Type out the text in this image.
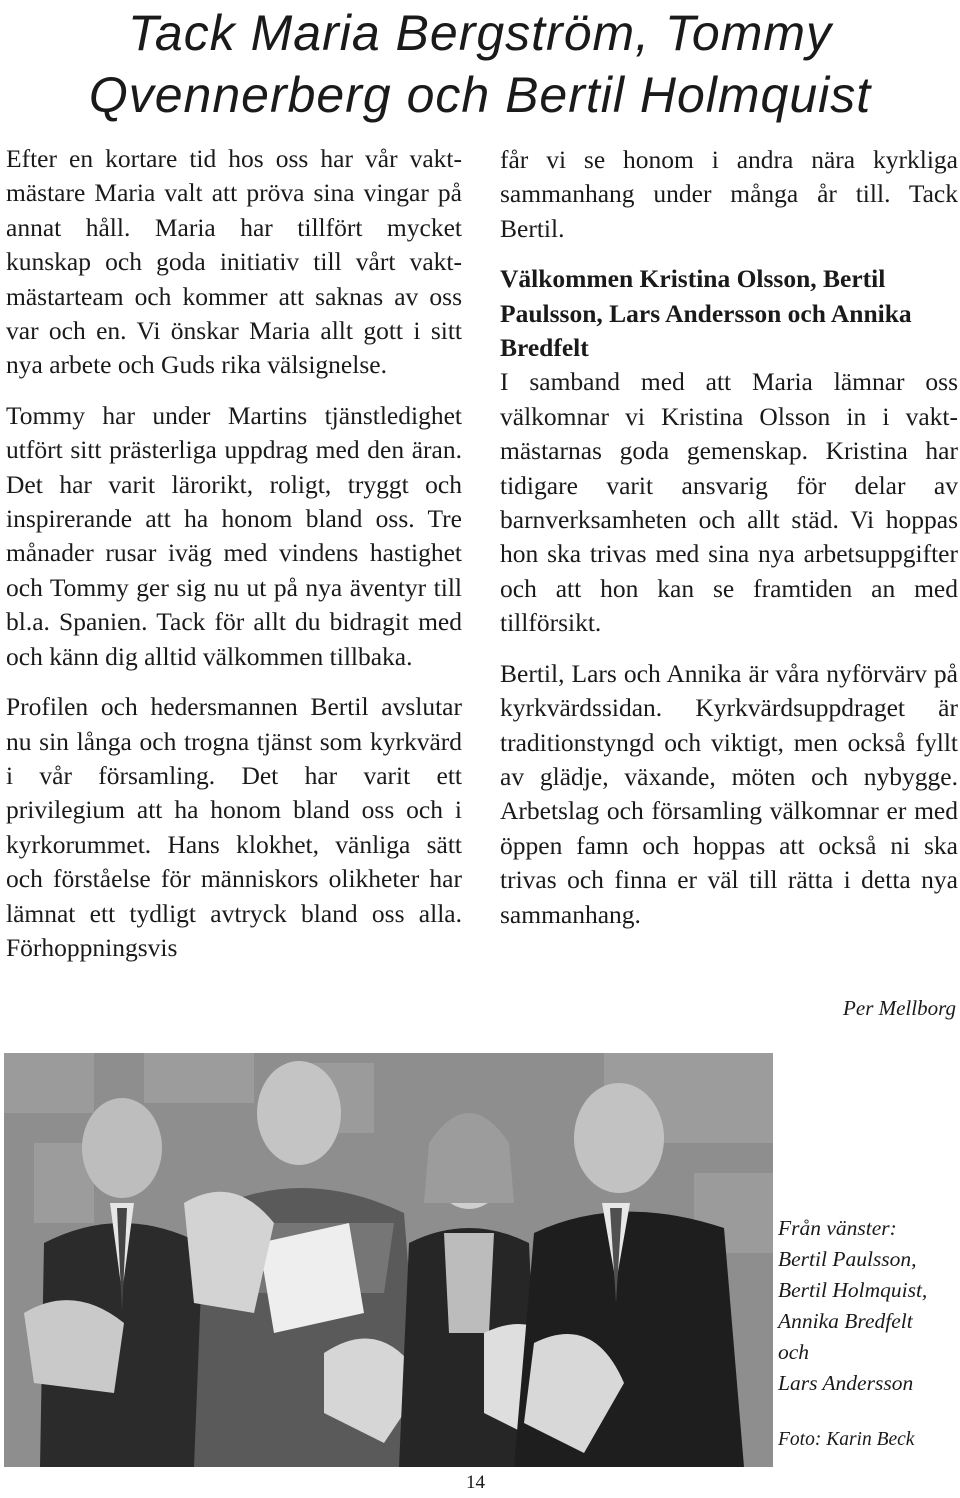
Tack Maria Bergström, Tommy Qvennerberg och Bertil Holmquist

Efter en kortare tid hos oss har vår vaktmästare Maria valt att pröva sina vingar på annat håll. Maria har tillfört mycket kunskap och goda initiativ till vårt vaktmästarteam och kommer att saknas av oss var och en. Vi önskar Maria allt gott i sitt nya arbete och Guds rika välsignelse.

Tommy har under Martins tjänstledighet utfört sitt prästerliga uppdrag med den äran. Det har varit lärorikt, roligt, tryggt och inspirerande att ha honom bland oss. Tre månader rusar iväg med vindens hastighet och Tommy ger sig nu ut på nya äventyr till bl.a. Spanien. Tack för allt du bidragit med och känn dig alltid välkommen tillbaka.

Profilen och hedersmannen Bertil avslutar nu sin långa och trogna tjänst som kyrkvärd i vår församling. Det har varit ett privilegium att ha honom bland oss och i kyrkorummet. Hans klokhet, vänliga sätt och förståelse för människors olikheter har lämnat ett tydligt avtryck bland oss alla. Förhoppningsvis

får vi se honom i andra nära kyrkliga sammanhang under många år till. Tack Bertil.

Välkommen Kristina Olsson, Bertil Paulsson, Lars Andersson och Annika Bredfelt

I samband med att Maria lämnar oss välkomnar vi Kristina Olsson in i vaktmästarnas goda gemenskap. Kristina har tidigare varit ansvarig för delar av barnverksamheten och allt städ. Vi hoppas hon ska trivas med sina nya arbetsuppgifter och att hon kan se framtiden an med tillförsikt.

Bertil, Lars och Annika är våra nyförvärv på kyrkvärdssidan. Kyrkvärdsuppdraget är traditionstyngd och viktigt, men också fyllt av glädje, växande, möten och nybygge. Arbetslag och församling välkomnar er med öppen famn och hoppas att också ni ska trivas och finna er väl till rätta i detta nya sammanhang.

Per Mellborg
Från vänster:
Bertil Paulsson,
Bertil Holmquist,
Annika Bredfelt
och
Lars Andersson
Foto: Karin Beck
14
